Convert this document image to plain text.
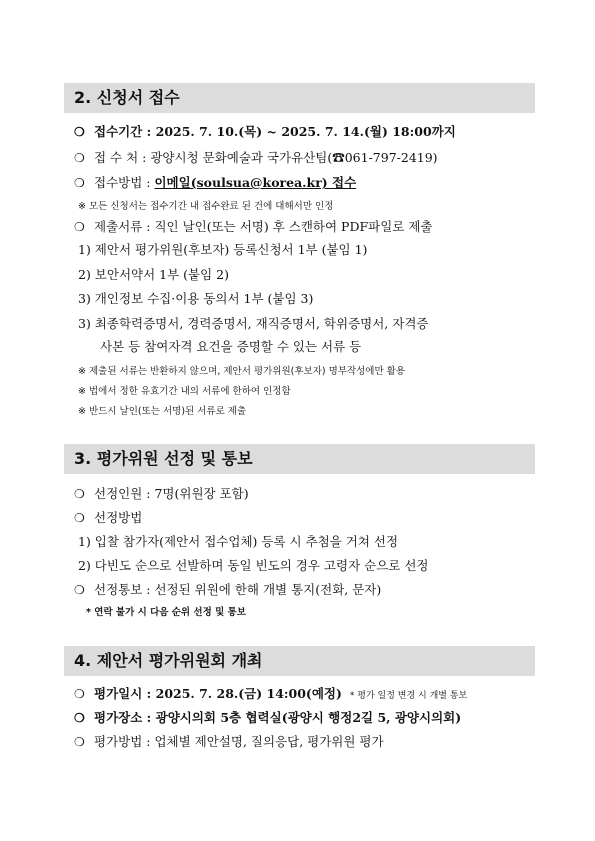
2. 신청서 접수
❍ 접수기간 : 2025. 7. 10.(목) ~ 2025. 7. 14.(월) 18:00까지
❍ 접 수 처 : 광양시청 문화예술과 국가유산팀(☎061-797-2419)
❍ 접수방법 : 이메일(soulsua@korea.kr) 접수
※ 모든 신청서는 접수기간 내 접수완료 된 건에 대해서만 인정
❍ 제출서류 : 직인 날인(또는 서명) 후 스캔하여 PDF파일로 제출
1) 제안서 평가위원(후보자) 등록신청서 1부 (붙임 1)
2) 보안서약서 1부 (붙임 2)
3) 개인정보 수집·이용 동의서 1부 (붙임 3)
3) 최종학력증명서, 경력증명서, 재직증명서, 학위증명서, 자격증
사본 등 참여자격 요건을 증명할 수 있는 서류 등
※ 제출된 서류는 반환하지 않으며, 제안서 평가위원(후보자) 명부작성에만 활용
※ 법에서 정한 유효기간 내의 서류에 한하여 인정함
※ 반드시 날인(또는 서명)된 서류로 제출
3. 평가위원 선정 및 통보
❍ 선정인원 : 7명(위원장 포함)
❍ 선정방법
1) 입찰 참가자(제안서 접수업체) 등록 시 추첨을 거쳐 선정
2) 다빈도 순으로 선발하며 동일 빈도의 경우 고령자 순으로 선정
❍ 선정통보 : 선정된 위원에 한해 개별 통지(전화, 문자)
* 연락 불가 시 다음 순위 선정 및 통보
4. 제안서 평가위원회 개최
❍ 평가일시 : 2025. 7. 28.(금) 14:00(예정) * 평가 일정 변경 시 개별 통보
❍ 평가장소 : 광양시의회 5층 협력실(광양시 행정2길 5, 광양시의회)
❍ 평가방법 : 업체별 제안설명, 질의응답, 평가위원 평가
